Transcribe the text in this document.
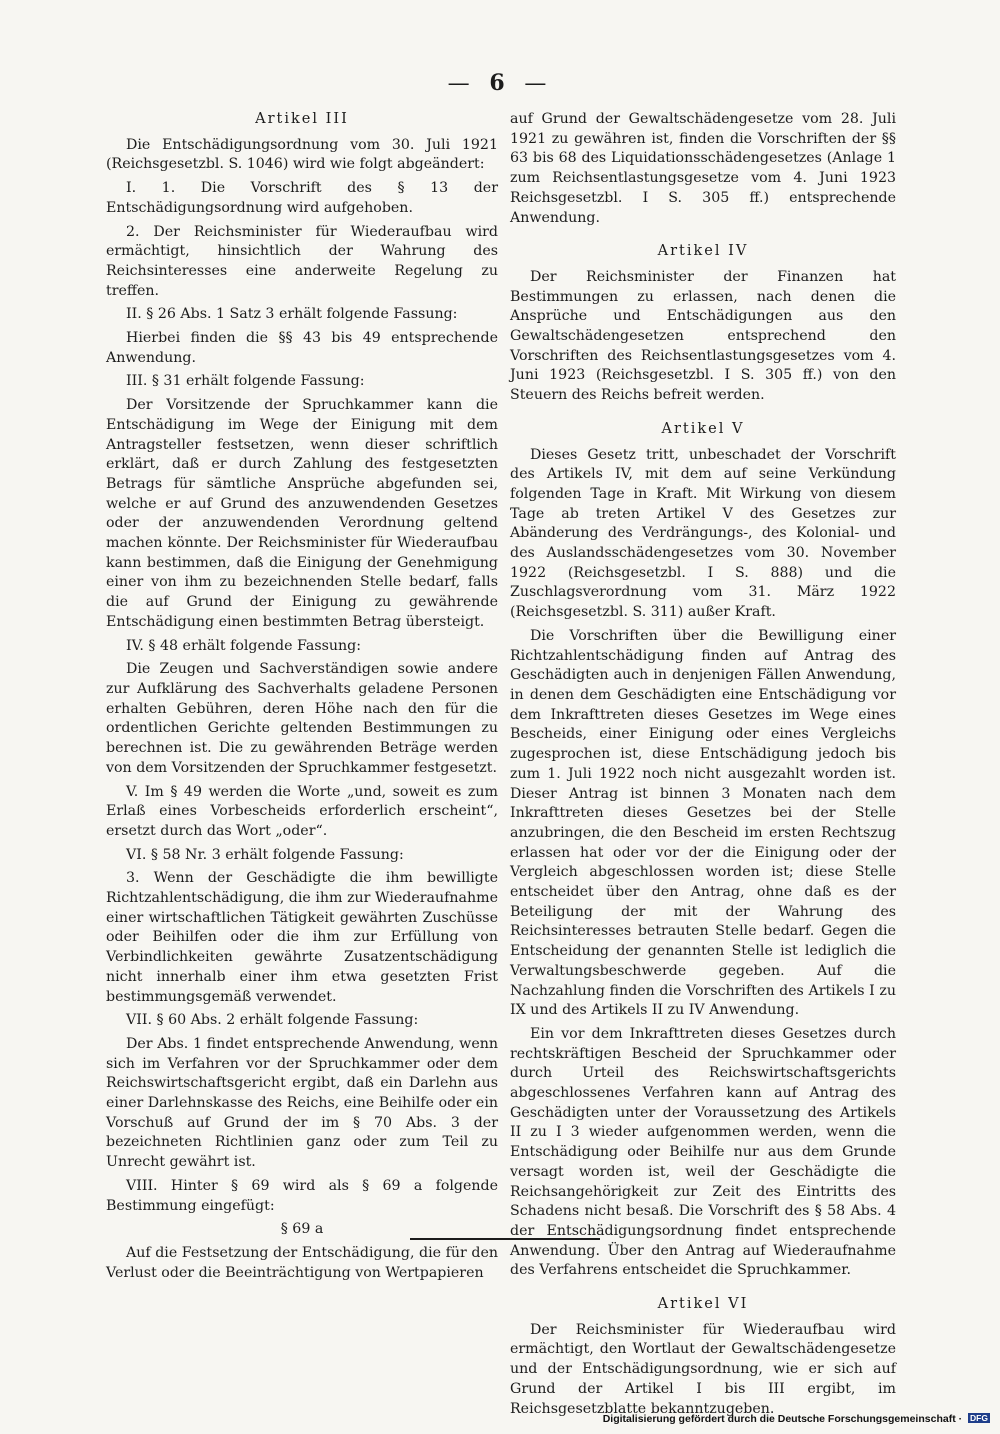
— 6 —
Artikel III

Die Entschädigungsordnung vom 30. Juli 1921 (Reichsgesetzbl. S. 1046) wird wie folgt abgeändert:

I. 1. Die Vorschrift des § 13 der Entschädigungsordnung wird aufgehoben.

2. Der Reichsminister für Wiederaufbau wird ermächtigt, hinsichtlich der Wahrung des Reichsinteresses eine anderweite Regelung zu treffen.

II. § 26 Abs. 1 Satz 3 erhält folgende Fassung:

Hierbei finden die §§ 43 bis 49 entsprechende Anwendung.

III. § 31 erhält folgende Fassung:

Der Vorsitzende der Spruchkammer kann die Entschädigung im Wege der Einigung mit dem Antragsteller festsetzen, wenn dieser schriftlich erklärt, daß er durch Zahlung des festgesetzten Betrags für sämtliche Ansprüche abgefunden sei, welche er auf Grund des anzuwendenden Gesetzes oder der anzuwendenden Verordnung geltend machen könnte. Der Reichsminister für Wiederaufbau kann bestimmen, daß die Einigung der Genehmigung einer von ihm zu bezeichnenden Stelle bedarf, falls die auf Grund der Einigung zu gewährende Entschädigung einen bestimmten Betrag übersteigt.

IV. § 48 erhält folgende Fassung:

Die Zeugen und Sachverständigen sowie andere zur Aufklärung des Sachverhalts geladene Personen erhalten Gebühren, deren Höhe nach den für die ordentlichen Gerichte geltenden Bestimmungen zu berechnen ist. Die zu gewährenden Beträge werden von dem Vorsitzenden der Spruchkammer festgesetzt.

V. Im § 49 werden die Worte „und, soweit es zum Erlaß eines Vorbescheids erforderlich erscheint“, ersetzt durch das Wort „oder“.

VI. § 58 Nr. 3 erhält folgende Fassung:

3. Wenn der Geschädigte die ihm bewilligte Richtzahlentschädigung, die ihm zur Wiederaufnahme einer wirtschaftlichen Tätigkeit gewährten Zuschüsse oder Beihilfen oder die ihm zur Erfüllung von Verbindlichkeiten gewährte Zusatzentschädigung nicht innerhalb einer ihm etwa gesetzten Frist bestimmungsgemäß verwendet.

VII. § 60 Abs. 2 erhält folgende Fassung:

Der Abs. 1 findet entsprechende Anwendung, wenn sich im Verfahren vor der Spruchkammer oder dem Reichswirtschaftsgericht ergibt, daß ein Darlehn aus einer Darlehnskasse des Reichs, eine Beihilfe oder ein Vorschuß auf Grund der im § 70 Abs. 3 der bezeichneten Richtlinien ganz oder zum Teil zu Unrecht gewährt ist.

VIII. Hinter § 69 wird als § 69 a folgende Bestimmung eingefügt:

§ 69 a

Auf die Festsetzung der Entschädigung, die für den Verlust oder die Beeinträchtigung von Wertpapieren

auf Grund der Gewaltschädengesetze vom 28. Juli 1921 zu gewähren ist, finden die Vorschriften der §§ 63 bis 68 des Liquidationsschädengesetzes (Anlage 1 zum Reichsentlastungsgesetze vom 4. Juni 1923 Reichsgesetzbl. I S. 305 ff.) entsprechende Anwendung.

Artikel IV

Der Reichsminister der Finanzen hat Bestimmungen zu erlassen, nach denen die Ansprüche und Entschädigungen aus den Gewaltschädengesetzen entsprechend den Vorschriften des Reichsentlastungsgesetzes vom 4. Juni 1923 (Reichsgesetzbl. I S. 305 ff.) von den Steuern des Reichs befreit werden.

Artikel V

Dieses Gesetz tritt, unbeschadet der Vorschrift des Artikels IV, mit dem auf seine Verkündung folgenden Tage in Kraft. Mit Wirkung von diesem Tage ab treten Artikel V des Gesetzes zur Abänderung des Verdrängungs-, des Kolonial- und des Auslandsschädengesetzes vom 30. November 1922 (Reichsgesetzbl. I S. 888) und die Zuschlagsverordnung vom 31. März 1922 (Reichsgesetzbl. S. 311) außer Kraft.

Die Vorschriften über die Bewilligung einer Richtzahlentschädigung finden auf Antrag des Geschädigten auch in denjenigen Fällen Anwendung, in denen dem Geschädigten eine Entschädigung vor dem Inkrafttreten dieses Gesetzes im Wege eines Bescheids, einer Einigung oder eines Vergleichs zugesprochen ist, diese Entschädigung jedoch bis zum 1. Juli 1922 noch nicht ausgezahlt worden ist. Dieser Antrag ist binnen 3 Monaten nach dem Inkrafttreten dieses Gesetzes bei der Stelle anzubringen, die den Bescheid im ersten Rechtszug erlassen hat oder vor der die Einigung oder der Vergleich abgeschlossen worden ist; diese Stelle entscheidet über den Antrag, ohne daß es der Beteiligung der mit der Wahrung des Reichsinteresses betrauten Stelle bedarf. Gegen die Entscheidung der genannten Stelle ist lediglich die Verwaltungsbeschwerde gegeben. Auf die Nachzahlung finden die Vorschriften des Artikels I zu IX und des Artikels II zu IV Anwendung.

Ein vor dem Inkrafttreten dieses Gesetzes durch rechtskräftigen Bescheid der Spruchkammer oder durch Urteil des Reichswirtschaftsgerichts abgeschlossenes Verfahren kann auf Antrag des Geschädigten unter der Voraussetzung des Artikels II zu I 3 wieder aufgenommen werden, wenn die Entschädigung oder Beihilfe nur aus dem Grunde versagt worden ist, weil der Geschädigte die Reichsangehörigkeit zur Zeit des Eintritts des Schadens nicht besaß. Die Vorschrift des § 58 Abs. 4 der Entschädigungsordnung findet entsprechende Anwendung. Über den Antrag auf Wiederaufnahme des Verfahrens entscheidet die Spruchkammer.

Artikel VI

Der Reichsminister für Wiederaufbau wird ermächtigt, den Wortlaut der Gewaltschädengesetze und der Entschädigungsordnung, wie er sich auf Grund der Artikel I bis III ergibt, im Reichsgesetzblatte bekanntzugeben.

Digitalisierung gefördert durch die Deutsche Forschungsgemeinschaft · DFG
